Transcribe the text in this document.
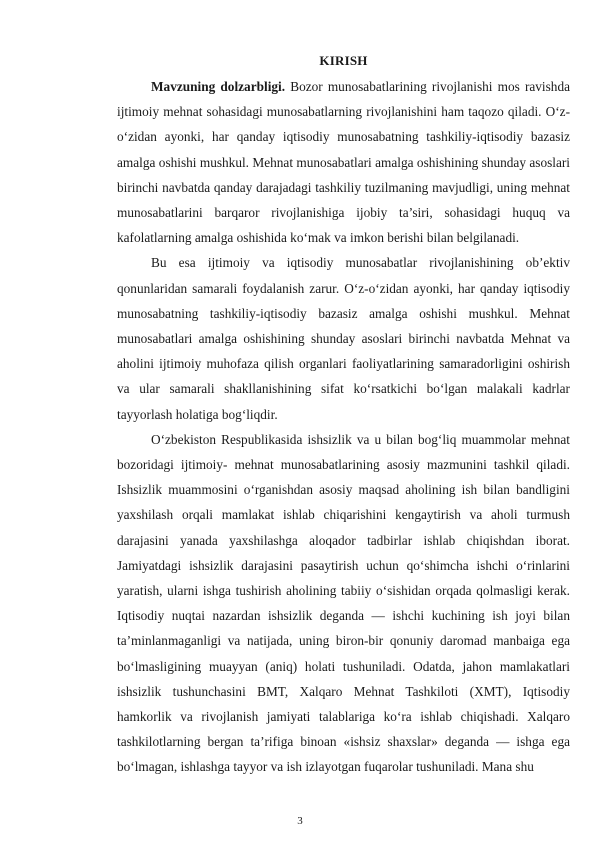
KIRISH

Mavzuning dolzarbligi. Bozor munosabatlarining rivojlanishi mos ravishda ijtimoiy mehnat sohasidagi munosabatlarning rivojlanishini ham taqozo qiladi. O‘z-o‘zidan ayonki, har qanday iqtisodiy munosabatning tashkiliy-iqtisodiy bazasiz amalga oshishi mushkul. Mehnat munosabatlari amalga oshishining shunday asoslari birinchi navbatda qanday darajadagi tashkiliy tuzilmaning mavjudligi, uning mehnat munosabatlarini barqaror rivojlanishiga ijobiy ta’siri, sohasidagi huquq va kafolatlarning amalga oshishida ko‘mak va imkon berishi bilan belgilanadi.

Bu esa ijtimoiy va iqtisodiy munosabatlar rivojlanishining ob’ektiv qonunlaridan samarali foydalanish zarur. O‘z-o‘zidan ayonki, har qanday iqtisodiy munosabatning tashkiliy-iqtisodiy bazasiz amalga oshishi mushkul. Mehnat munosabatlari amalga oshishining shunday asoslari birinchi navbatda Mehnat va aholini ijtimoiy muhofaza qilish organlari faoliyatlarining samaradorligini oshirish va ular samarali shakllanishining sifat ko‘rsatkichi bo‘lgan malakali kadrlar tayyorlash holatiga bog‘liqdir.

O‘zbekiston Respublikasida ishsizlik va u bilan bog‘liq muammolar mehnat bozoridagi ijtimoiy- mehnat munosabatlarining asosiy mazmunini tashkil qiladi. Ishsizlik muammosini o‘rganishdan asosiy maqsad aholining ish bilan bandligini yaxshilash orqali mamlakat ishlab chiqarishini kengaytirish va aholi turmush darajasini yanada yaxshilashga aloqador tadbirlar ishlab chiqishdan iborat. Jamiyatdagi ishsizlik darajasini pasaytirish uchun qo‘shimcha ishchi o‘rinlarini yaratish, ularni ishga tushirish aholining tabiiy o‘sishidan orqada qolmasligi kerak. Iqtisodiy nuqtai nazardan ishsizlik deganda — ishchi kuchining ish joyi bilan ta’minlanmaganligi va natijada, uning biron-bir qonuniy daromad manbaiga ega bo‘lmasligining muayyan (aniq) holati tushuniladi. Odatda, jahon mamlakatlari ishsizlik tushunchasini BMT, Xalqaro Mehnat Tashkiloti (XMT), Iqtisodiy hamkorlik va rivojlanish jamiyati talablariga ko‘ra ishlab chiqishadi. Xalqaro tashkilotlarning bergan ta’rifiga binoan «ishsiz shaxslar» deganda — ishga ega bo‘lmagan, ishlashga tayyor va ish izlayotgan fuqarolar tushuniladi. Mana shu

3
